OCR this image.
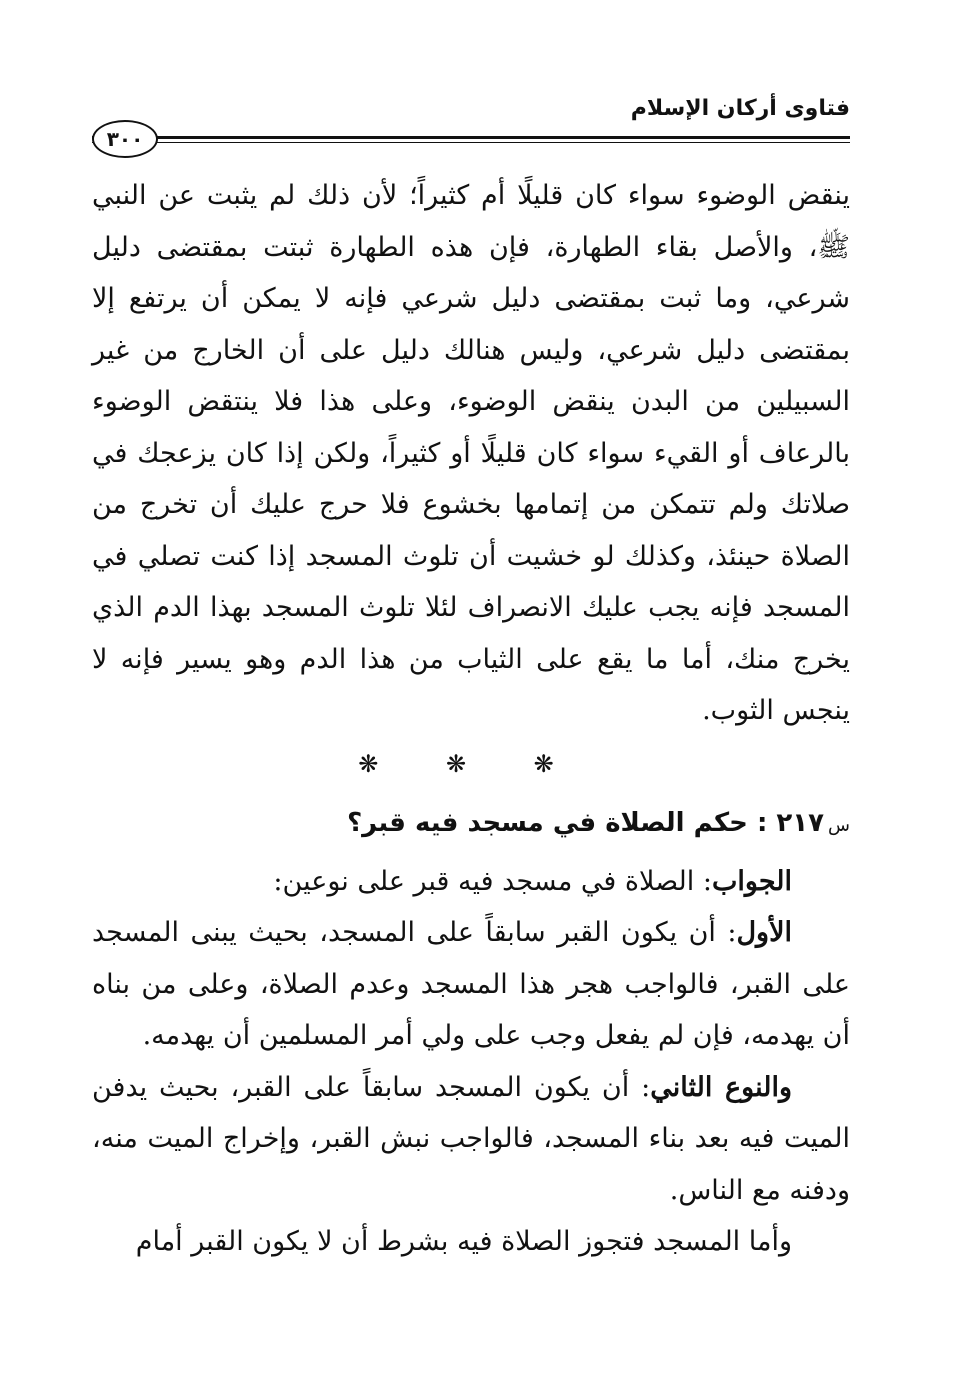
فتاوى أركان الإسلام
٣٠٠

ينقض الوضوء سواء كان قليلًا أم كثيراً؛ لأن ذلك لم يثبت عن النبي ﷺ، والأصل بقاء الطهارة، فإن هذه الطهارة ثبتت بمقتضى دليل شرعي، وما ثبت بمقتضى دليل شرعي فإنه لا يمكن أن يرتفع إلا بمقتضى دليل شرعي، وليس هنالك دليل على أن الخارج من غير السبيلين من البدن ينقض الوضوء، وعلى هذا فلا ينتقض الوضوء بالرعاف أو القيء سواء كان قليلًا أو كثيراً، ولكن إذا كان يزعجك في صلاتك ولم تتمكن من إتمامها بخشوع فلا حرج عليك أن تخرج من الصلاة حينئذ، وكذلك لو خشيت أن تلوث المسجد إذا كنت تصلي في المسجد فإنه يجب عليك الانصراف لئلا تلوث المسجد بهذا الدم الذي يخرج منك، أما ما يقع على الثياب من هذا الدم وهو يسير فإنه لا ينجس الثوب.

❋ ❋ ❋

س٢١٧ : حكم الصلاة في مسجد فيه قبر؟

الجواب: الصلاة في مسجد فيه قبر على نوعين:

الأول: أن يكون القبر سابقاً على المسجد، بحيث يبنى المسجد على القبر، فالواجب هجر هذا المسجد وعدم الصلاة، وعلى من بناه أن يهدمه، فإن لم يفعل وجب على ولي أمر المسلمين أن يهدمه.

والنوع الثاني: أن يكون المسجد سابقاً على القبر، بحيث يدفن الميت فيه بعد بناء المسجد، فالواجب نبش القبر، وإخراج الميت منه، ودفنه مع الناس.

وأما المسجد فتجوز الصلاة فيه بشرط أن لا يكون القبر أمام
